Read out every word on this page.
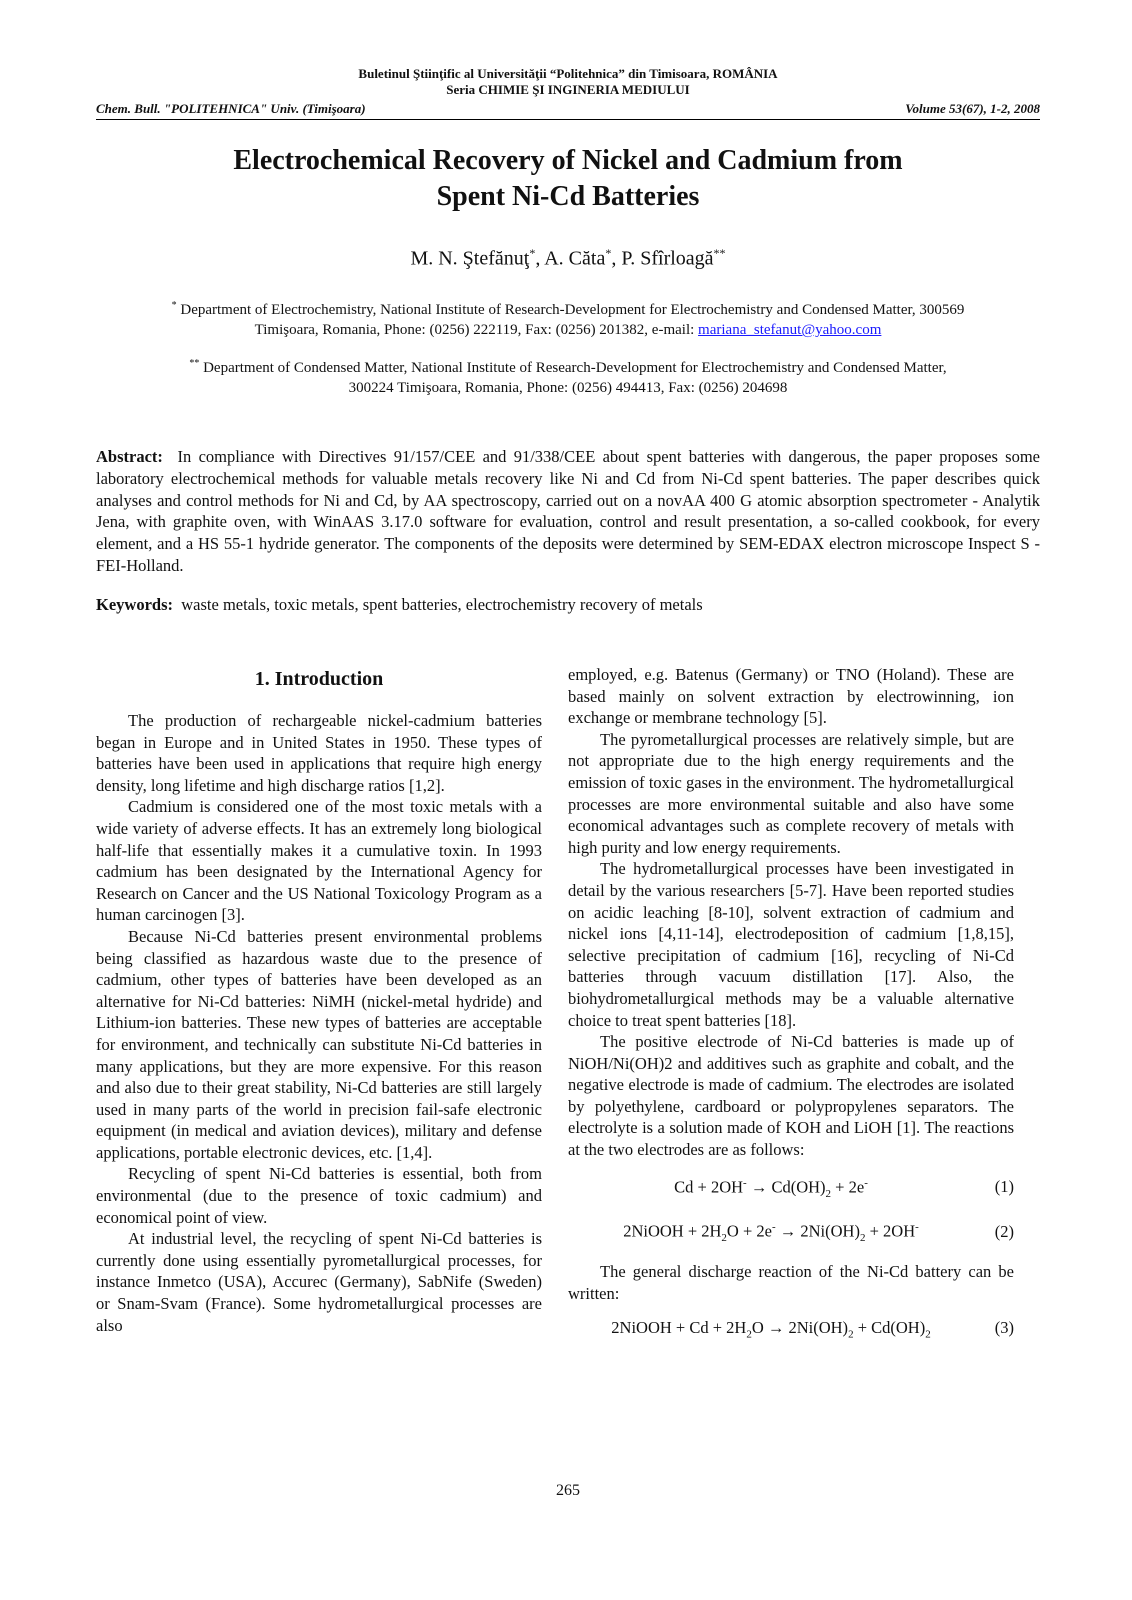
Buletinul Ştiinţific al Universităţii “Politehnica” din Timisoara, ROMÂNIA
Seria CHIMIE ŞI INGINERIA MEDIULUI
Chem. Bull. "POLITEHNICA" Univ. (Timişoara)	Volume 53(67), 1-2, 2008
Electrochemical Recovery of Nickel and Cadmium from
Spent Ni-Cd Batteries
M. N. Ştefănuţ*, A. Căta*, P. Sfîrloagă**
* Department of Electrochemistry, National Institute of Research-Development for Electrochemistry and Condensed Matter, 300569
Timişoara, Romania, Phone: (0256) 222119, Fax: (0256) 201382, e-mail: mariana_stefanut@yahoo.com
** Department of Condensed Matter, National Institute of Research-Development for Electrochemistry and Condensed Matter,
300224 Timişoara, Romania, Phone: (0256) 494413, Fax: (0256) 204698
Abstract: In compliance with Directives 91/157/CEE and 91/338/CEE about spent batteries with dangerous, the paper proposes some laboratory electrochemical methods for valuable metals recovery like Ni and Cd from Ni-Cd spent batteries. The paper describes quick analyses and control methods for Ni and Cd, by AA spectroscopy, carried out on a novAA 400 G atomic absorption spectrometer - Analytik Jena, with graphite oven, with WinAAS 3.17.0 software for evaluation, control and result presentation, a so-called cookbook, for every element, and a HS 55-1 hydride generator. The components of the deposits were determined by SEM-EDAX electron microscope Inspect S - FEI-Holland.
Keywords: waste metals, toxic metals, spent batteries, electrochemistry recovery of metals
1. Introduction

The production of rechargeable nickel-cadmium batteries began in Europe and in United States in 1950. These types of batteries have been used in applications that require high energy density, long lifetime and high discharge ratios [1,2].

Cadmium is considered one of the most toxic metals with a wide variety of adverse effects. It has an extremely long biological half-life that essentially makes it a cumulative toxin. In 1993 cadmium has been designated by the International Agency for Research on Cancer and the US National Toxicology Program as a human carcinogen [3].

Because Ni-Cd batteries present environmental problems being classified as hazardous waste due to the presence of cadmium, other types of batteries have been developed as an alternative for Ni-Cd batteries: NiMH (nickel-metal hydride) and Lithium-ion batteries. These new types of batteries are acceptable for environment, and technically can substitute Ni-Cd batteries in many applications, but they are more expensive. For this reason and also due to their great stability, Ni-Cd batteries are still largely used in many parts of the world in precision fail-safe electronic equipment (in medical and aviation devices), military and defense applications, portable electronic devices, etc. [1,4].

Recycling of spent Ni-Cd batteries is essential, both from environmental (due to the presence of toxic cadmium) and economical point of view.

At industrial level, the recycling of spent Ni-Cd batteries is currently done using essentially pyrometallurgical processes, for instance Inmetco (USA), Accurec (Germany), SabNife (Sweden) or Snam-Svam (France). Some hydrometallurgical processes are also

employed, e.g. Batenus (Germany) or TNO (Holand). These are based mainly on solvent extraction by electrowinning, ion exchange or membrane technology [5].

The pyrometallurgical processes are relatively simple, but are not appropriate due to the high energy requirements and the emission of toxic gases in the environment. The hydrometallurgical processes are more environmental suitable and also have some economical advantages such as complete recovery of metals with high purity and low energy requirements.

The hydrometallurgical processes have been investigated in detail by the various researchers [5-7]. Have been reported studies on acidic leaching [8-10], solvent extraction of cadmium and nickel ions [4,11-14], electrodeposition of cadmium [1,8,15], selective precipitation of cadmium [16], recycling of Ni-Cd batteries through vacuum distillation [17]. Also, the biohydrometallurgical methods may be a valuable alternative choice to treat spent batteries [18].

The positive electrode of Ni-Cd batteries is made up of NiOH/Ni(OH)2 and additives such as graphite and cobalt, and the negative electrode is made of cadmium. The electrodes are isolated by polyethylene, cardboard or polypropylenes separators. The electrolyte is a solution made of KOH and LiOH [1]. The reactions at the two electrodes are as follows:

$Cd + 2OH^- \to Cd(OH)_2 + 2e^-$	(1)
2NiOOH + $2H_2O + 2e^- \to 2Ni(OH)_2 + 2OH^-$	(2)

The general discharge reaction of the Ni-Cd battery can be written:

2NiOOH + $Cd + 2H_2O \to 2Ni(OH)_2 + Cd(OH)_2$	(3)
265
